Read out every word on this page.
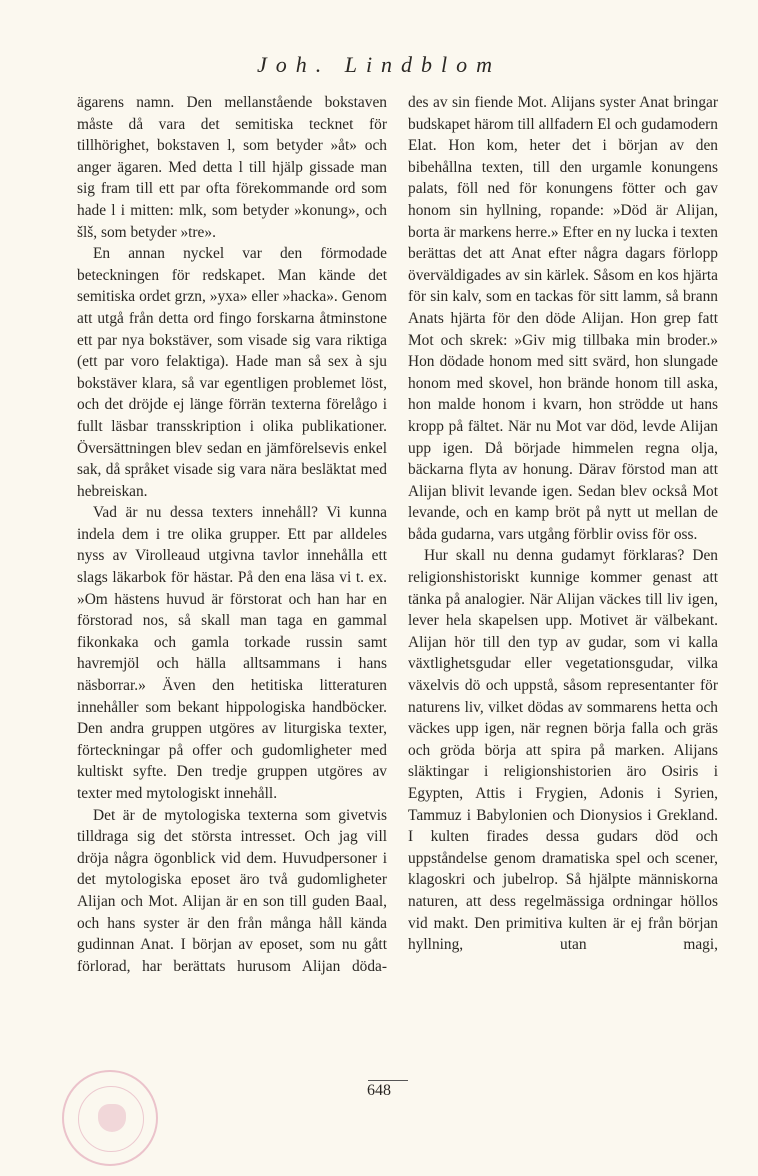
Joh. Lindblom

ägarens namn. Den mellanstående bokstaven måste då vara det semitiska tecknet för tillhörighet, bokstaven l, som betyder »åt» och anger ägaren. Med detta l till hjälp gissade man sig fram till ett par ofta förekommande ord som hade l i mitten: mlk, som betyder »konung», och šlš, som betyder »tre».

En annan nyckel var den förmodade beteckningen för redskapet. Man kände det semitiska ordet grzn, »yxa» eller »hacka». Genom att utgå från detta ord fingo forskarna åtminstone ett par nya bokstäver, som visade sig vara riktiga (ett par voro felaktiga). Hade man så sex à sju bokstäver klara, så var egentligen problemet löst, och det dröjde ej länge förrän texterna förelågo i fullt läsbar transskription i olika publikationer. Översättningen blev sedan en jämförelsevis enkel sak, då språket visade sig vara nära besläktat med hebreiskan.

Vad är nu dessa texters innehåll? Vi kunna indela dem i tre olika grupper. Ett par alldeles nyss av Virolleaud utgivna tavlor innehålla ett slags läkarbok för hästar. På den ena läsa vi t. ex. »Om hästens huvud är förstorat och han har en förstorad nos, så skall man taga en gammal fikonkaka och gamla torkade russin samt havremjöl och hälla alltsammans i hans näsborrar.» Även den hetitiska litteraturen innehåller som bekant hippologiska handböcker. Den andra gruppen utgöres av liturgiska texter, förteckningar på offer och gudomligheter med kultiskt syfte. Den tredje gruppen utgöres av texter med mytologiskt innehåll.

Det är de mytologiska texterna som givetvis tilldraga sig det största intresset. Och jag vill dröja några ögonblick vid dem. Huvudpersoner i det mytologiska eposet äro två gudomligheter Alijan och Mot. Alijan är en son till guden Baal, och hans syster är den från många håll kända gudinnan Anat. I början av eposet, som nu gått förlorad, har berättats hurusom Alijan döda-

des av sin fiende Mot. Alijans syster Anat bringar budskapet härom till allfadern El och gudamodern Elat. Hon kom, heter det i början av den bibehållna texten, till den urgamle konungens palats, föll ned för konungens fötter och gav honom sin hyllning, ropande: »Död är Alijan, borta är markens herre.» Efter en ny lucka i texten berättas det att Anat efter några dagars förlopp överväldigades av sin kärlek. Såsom en kos hjärta för sin kalv, som en tackas för sitt lamm, så brann Anats hjärta för den döde Alijan. Hon grep fatt Mot och skrek: »Giv mig tillbaka min broder.» Hon dödade honom med sitt svärd, hon slungade honom med skovel, hon brände honom till aska, hon malde honom i kvarn, hon strödde ut hans kropp på fältet. När nu Mot var död, levde Alijan upp igen. Då började himmelen regna olja, bäckarna flyta av honung. Därav förstod man att Alijan blivit levande igen. Sedan blev också Mot levande, och en kamp bröt på nytt ut mellan de båda gudarna, vars utgång förblir oviss för oss.

Hur skall nu denna gudamyt förklaras? Den religionshistoriskt kunnige kommer genast att tänka på analogier. När Alijan väckes till liv igen, lever hela skapelsen upp. Motivet är välbekant. Alijan hör till den typ av gudar, som vi kalla växtlighetsgudar eller vegetationsgudar, vilka växelvis dö och uppstå, såsom representanter för naturens liv, vilket dödas av sommarens hetta och väckes upp igen, när regnen börja falla och gräs och gröda börja att spira på marken. Alijans släktingar i religionshistorien äro Osiris i Egypten, Attis i Frygien, Adonis i Syrien, Tammuz i Babylonien och Dionysios i Grekland. I kulten firades dessa gudars död och uppståndelse genom dramatiska spel och scener, klagoskri och jubelrop. Så hjälpte människorna naturen, att dess regelmässiga ordningar höllos vid makt. Den primitiva kulten är ej från början hyllning, utan magi,

648
